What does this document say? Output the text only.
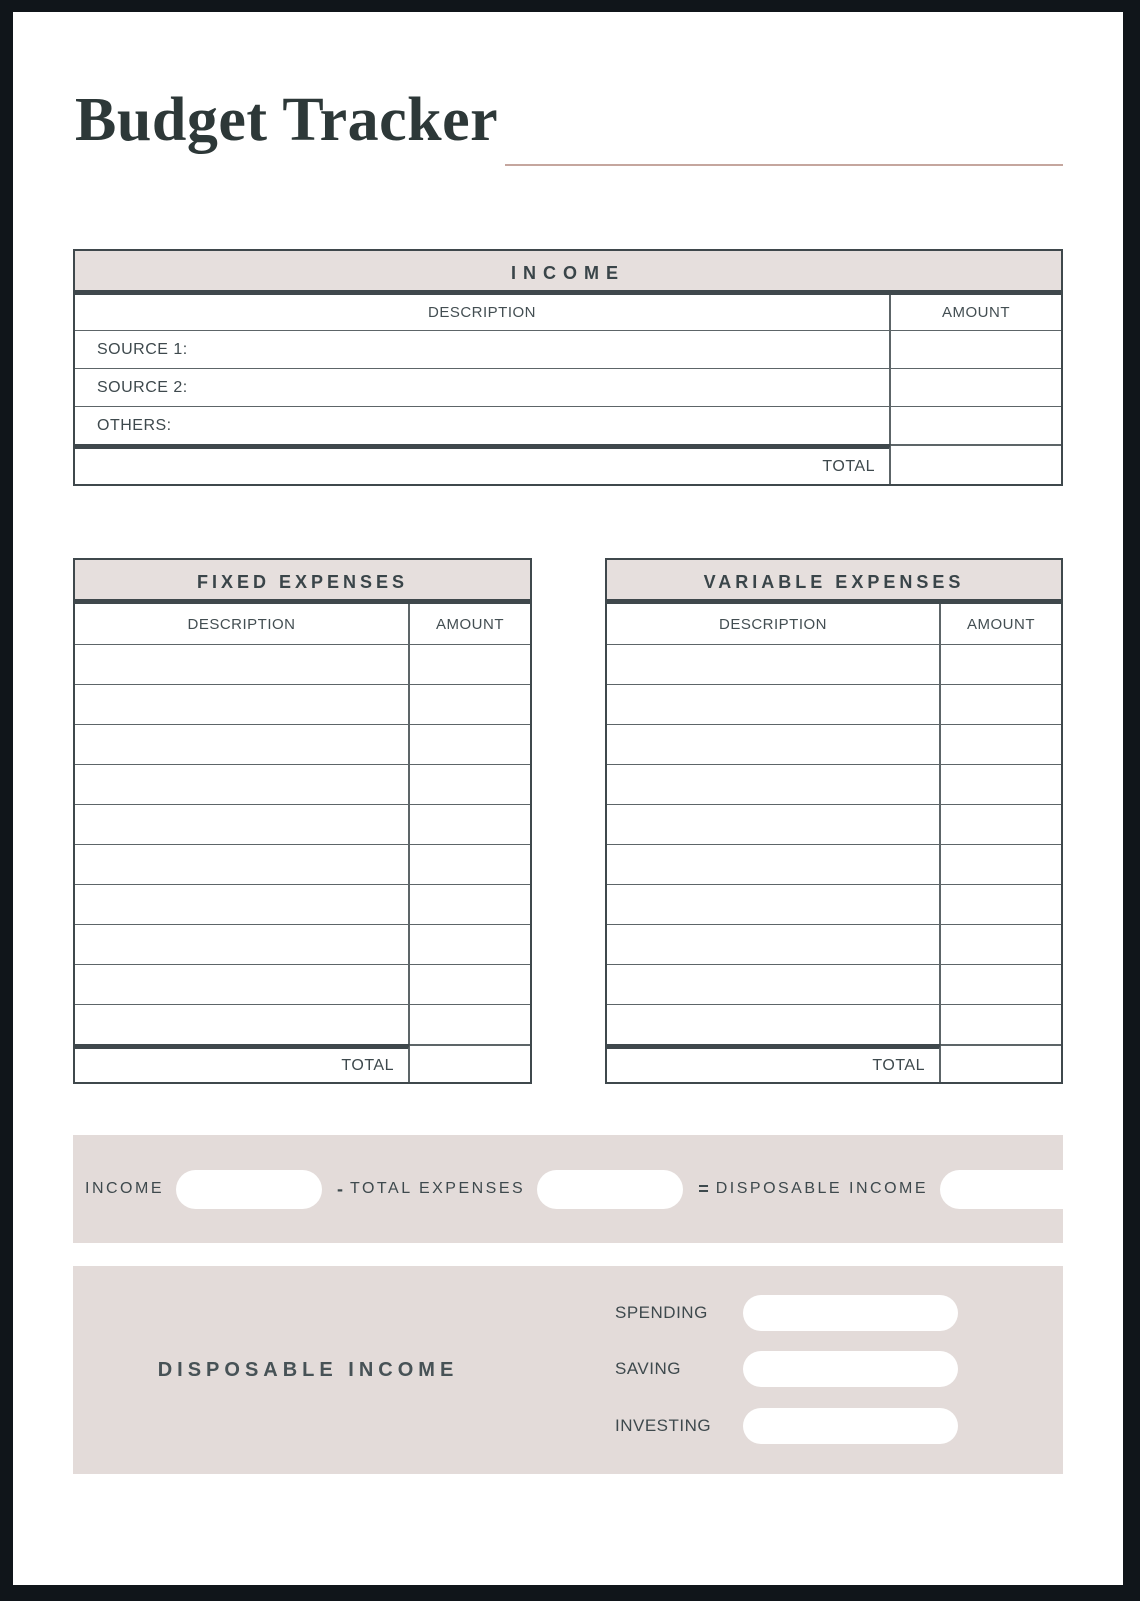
Budget Tracker
INCOME
DESCRIPTION	AMOUNT
SOURCE 1:
SOURCE 2:
OTHERS:
TOTAL
FIXED EXPENSES
DESCRIPTION	AMOUNT
TOTAL
VARIABLE EXPENSES
DESCRIPTION	AMOUNT
TOTAL
INCOME	- TOTAL EXPENSES	= DISPOSABLE INCOME
DISPOSABLE INCOME
SPENDING
SAVING
INVESTING
